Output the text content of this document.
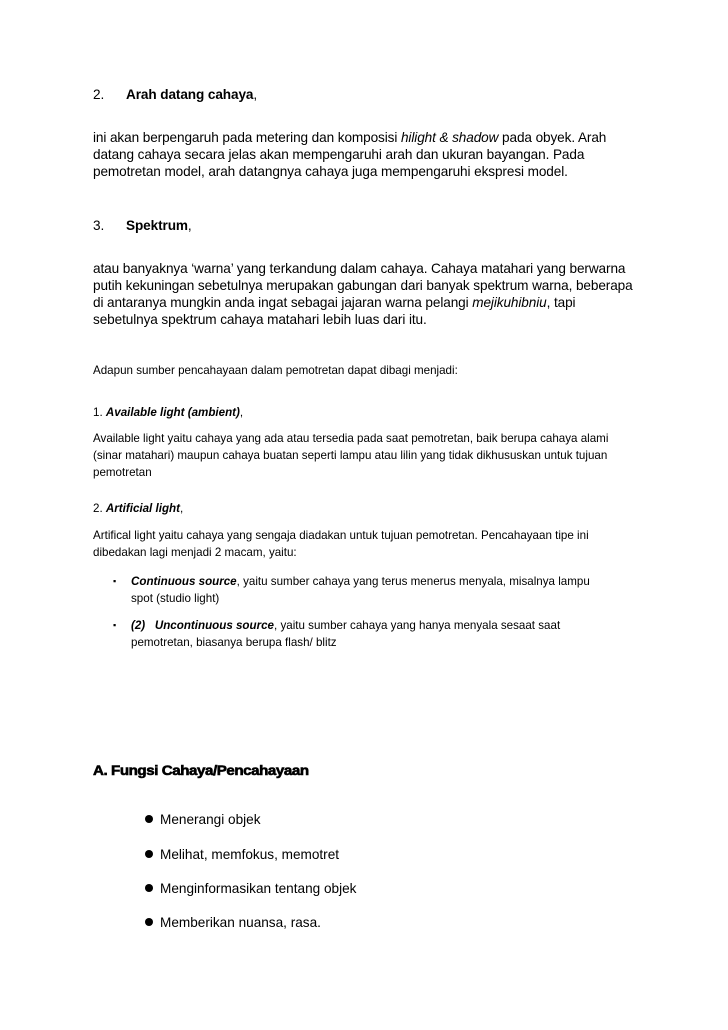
2. Arah datang cahaya,

ini akan berpengaruh pada metering dan komposisi hilight & shadow pada obyek. Arah
datang cahaya secara jelas akan mempengaruhi arah dan ukuran bayangan. Pada
pemotretan model, arah datangnya cahaya juga mempengaruhi ekspresi model.

3. Spektrum,

atau banyaknya ‘warna’ yang terkandung dalam cahaya. Cahaya matahari yang berwarna
putih kekuningan sebetulnya merupakan gabungan dari banyak spektrum warna, beberapa
di antaranya mungkin anda ingat sebagai jajaran warna pelangi mejikuhibniu, tapi
sebetulnya spektrum cahaya matahari lebih luas dari itu.

Adapun sumber pencahayaan dalam pemotretan dapat dibagi menjadi:

1. Available light (ambient),

Available light yaitu cahaya yang ada atau tersedia pada saat pemotretan, baik berupa cahaya alami
(sinar matahari) maupun cahaya buatan seperti lampu atau lilin yang tidak dikhususkan untuk tujuan
pemotretan

2. Artificial light,

Artifical light yaitu cahaya yang sengaja diadakan untuk tujuan pemotretan. Pencahayaan tipe ini
dibedakan lagi menjadi 2 macam, yaitu:

▪	Continuous source, yaitu sumber cahaya yang terus menerus menyala, misalnya lampu
spot (studio light)

▪	(2)   Uncontinuous source, yaitu sumber cahaya yang hanya menyala sesaat saat
pemotretan, biasanya berupa flash/ blitz

A. Fungsi Cahaya/Pencahayaan

Menerangi objek

Melihat, memfokus, memotret

Menginformasikan tentang objek

Memberikan nuansa, rasa.
